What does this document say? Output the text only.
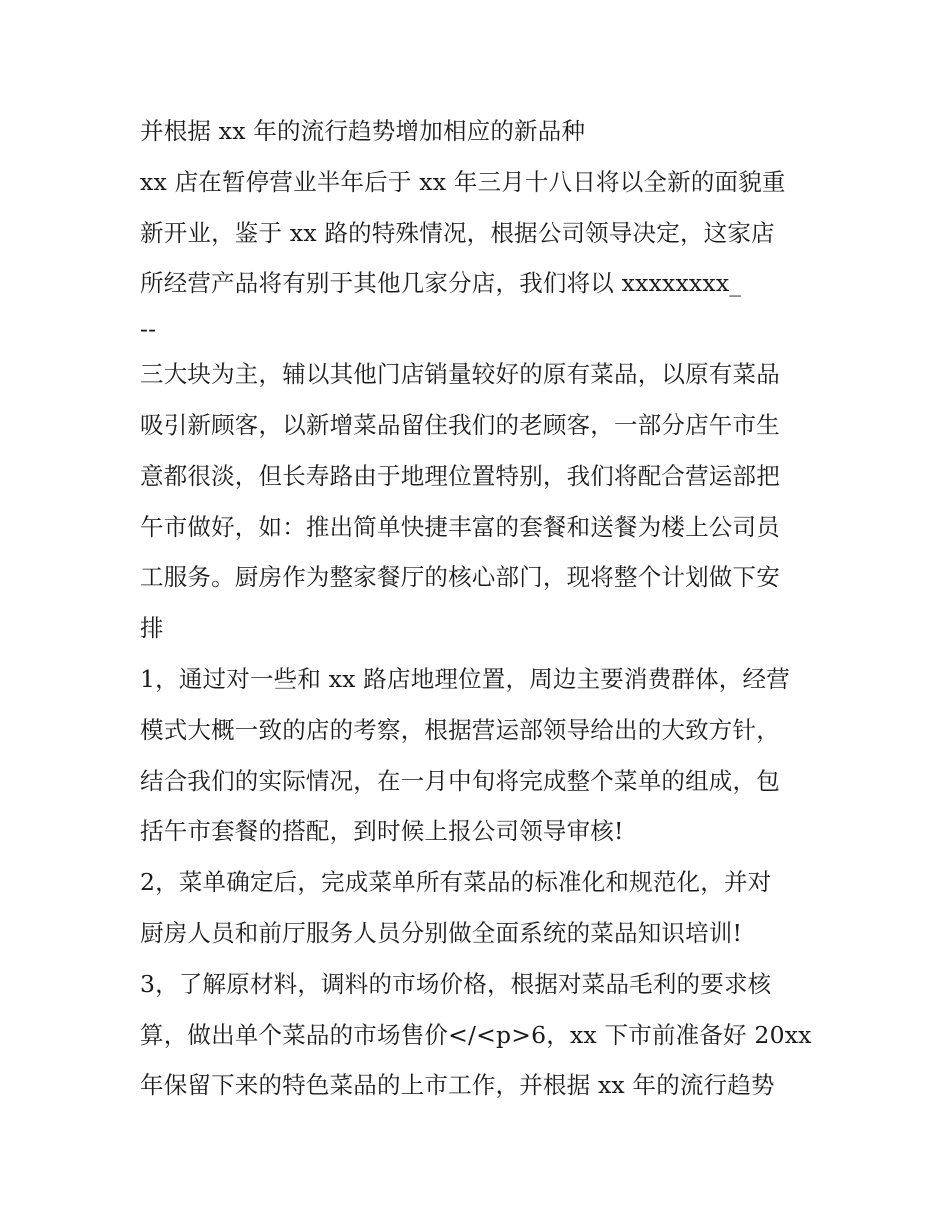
并根据 xx 年的流行趋势增加相应的新品种
xx 店在暂停营业半年后于 xx 年三月十八日将以全新的面貌重
新开业，鉴于 xx 路的特殊情况，根据公司领导决定，这家店
所经营产品将有别于其他几家分店，我们将以 xxxxxxxx_
--
三大块为主，辅以其他门店销量较好的原有菜品，以原有菜品
吸引新顾客，以新增菜品留住我们的老顾客，一部分店午市生
意都很淡，但长寿路由于地理位置特别，我们将配合营运部把
午市做好，如：推出简单快捷丰富的套餐和送餐为楼上公司员
工服务。厨房作为整家餐厅的核心部门，现将整个计划做下安
排
1，通过对一些和 xx 路店地理位置，周边主要消费群体，经营
模式大概一致的店的考察，根据营运部领导给出的大致方针，
结合我们的实际情况，在一月中旬将完成整个菜单的组成，包
括午市套餐的搭配，到时候上报公司领导审核!
2，菜单确定后，完成菜单所有菜品的标准化和规范化，并对
厨房人员和前厅服务人员分别做全面系统的菜品知识培训!
3，了解原材料，调料的市场价格，根据对菜品毛利的要求核
算，做出单个菜品的市场售价</<p>6，xx 下市前准备好 20xx
年保留下来的特色菜品的上市工作，并根据 xx 年的流行趋势
